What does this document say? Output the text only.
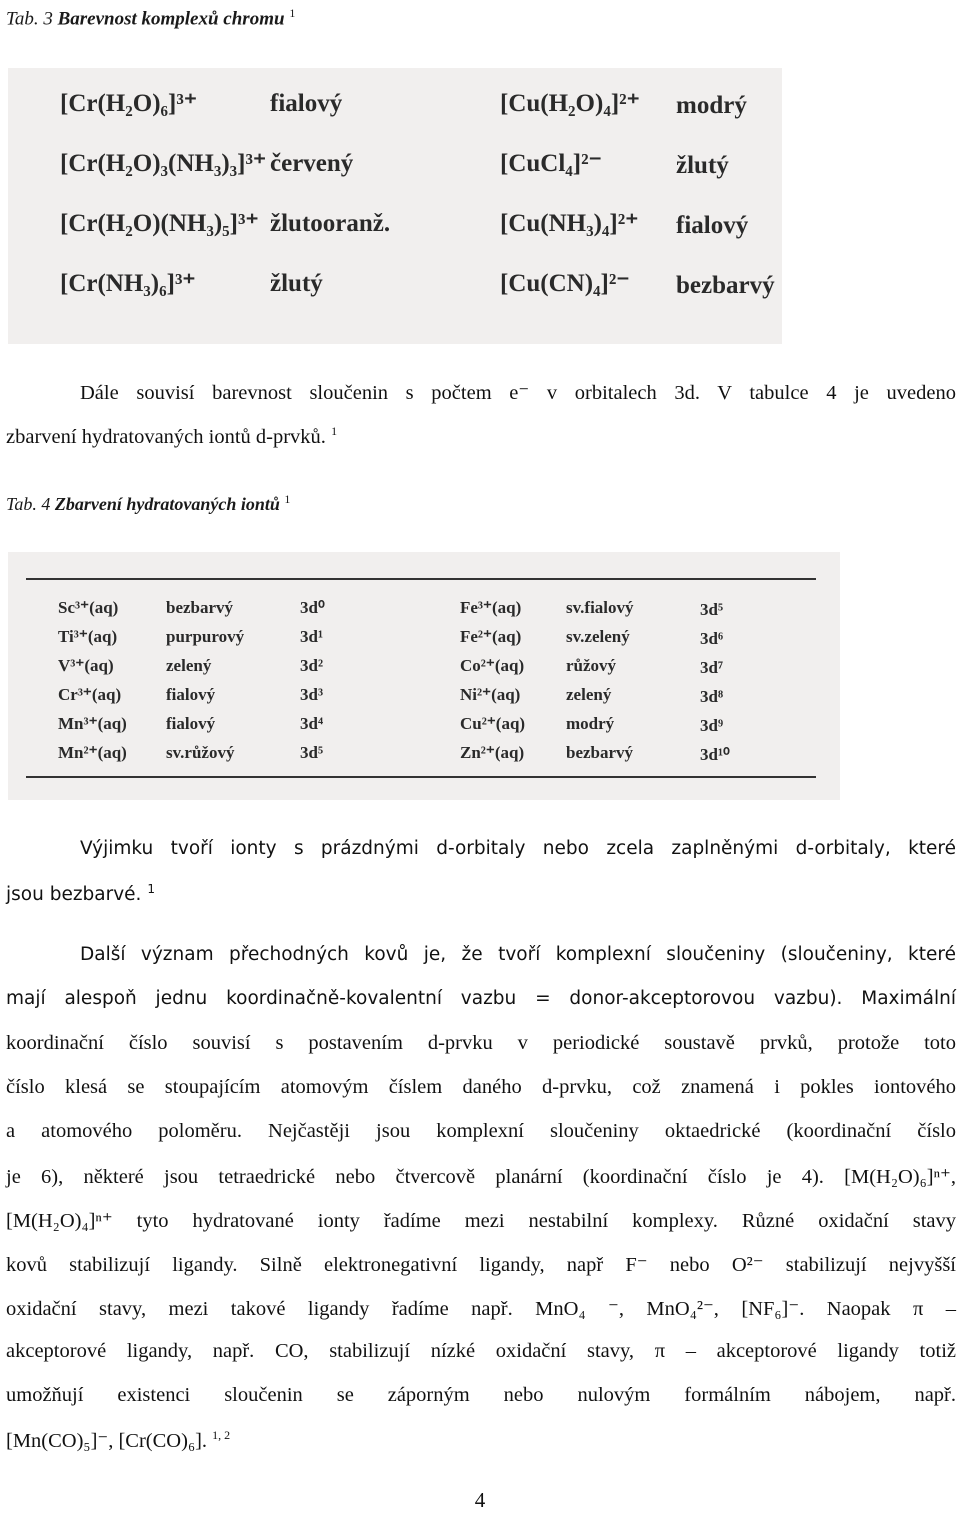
Tab. 3 Barevnost komplexů chromu $^1$
[Cr(H₂O)₆]³⁺	fialový	[Cu(H₂O)₄]²⁺ modrý
[Cr(H₂O)₃(NH₃)₃]³⁺ červený	[CuCl₄]²⁻	žlutý
[Cr(H₂O)(NH₃)₅]³⁺ žlutooranž.	[Cu(NH₃)₄]²⁺ fialový
[Cr(NH₃)₆]³⁺	žlutý	[Cu(CN)₄]²⁻ bezbarvý
Dále souvisí barevnost sloučenin s počtem e⁻ v orbitalech 3d. V tabulce 4 je uvedeno
zbarvení hydratovaných iontů d-prvků. $^1$
Tab. 4 Zbarvení hydratovaných iontů $^1$
Sc³⁺(aq)	bezbarvý	3d⁰	Fe³⁺(aq)	sv.fialový	3d⁵
Ti³⁺(aq)	purpurový	3d¹	Fe²⁺(aq)	sv.zelený	3d⁶
V³⁺(aq)	zelený	3d²	Co²⁺(aq) růžový	3d⁷
Cr³⁺(aq)	fialový	3d³	Ni²⁺(aq)	zelený	3d⁸
Mn³⁺(aq) fialový	3d⁴	Cu²⁺(aq) modrý	3d⁹
Mn²⁺(aq) sv.růžový	3d⁵	Zn²⁺(aq) bezbarvý	3d¹⁰
Výjimku tvoří ionty s prázdnými d-orbitaly nebo zcela zaplněnými d-orbitaly, které
jsou bezbarvé. $^1$
Další význam přechodných kovů je, že tvoří komplexní sloučeniny (sloučeniny, které
mají alespoň jednu koordinačně-kovalentní vazbu = donor-akceptorovou vazbu). Maximální
koordinační číslo souvisí s postavením d-prvku v periodické soustavě prvků, protože toto
číslo klesá se stoupajícím atomovým číslem daného d-prvku, což znamená i pokles iontového
a atomového poloměru. Nejčastěji jsou komplexní sloučeniny oktaedrické (koordinační číslo
je 6), některé jsou tetraedrické nebo čtvercově planární (koordinační číslo je 4). [M(H₂O)₆]ⁿ⁺,
[M(H₂O)₄]ⁿ⁺ tyto hydratované ionty řadíme mezi nestabilní komplexy. Různé oxidační stavy
kovů stabilizují ligandy. Silně elektronegativní ligandy, např F⁻ nebo O²⁻ stabilizují nejvyšší
oxidační stavy, mezi takové ligandy řadíme např. MnO₄ ⁻, MnO₄²⁻, [NF₆]⁻. Naopak π –
akceptorové ligandy, např. CO, stabilizují nízké oxidační stavy, π – akceptorové ligandy totiž
umožňují existenci sloučenin se záporným nebo nulovým formálním nábojem, např.
[Mn(CO)₅]⁻, [Cr(CO)₆]. $^{1, 2}$
4
